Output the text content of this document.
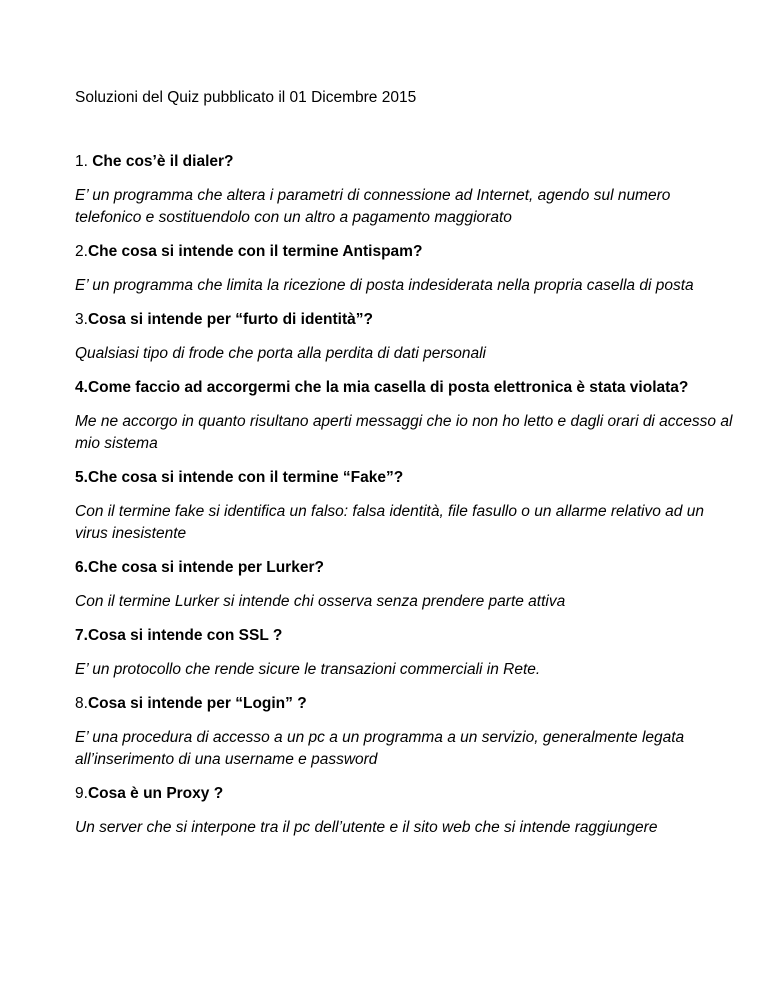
Soluzioni del Quiz pubblicato il 01 Dicembre 2015

1. Che cos’è il dialer?

E’ un programma che altera i parametri di connessione ad Internet, agendo sul numero telefonico e sostituendolo con un altro a pagamento maggiorato

2.Che cosa si intende con il termine Antispam?

E’ un programma che limita la ricezione di posta indesiderata nella propria casella di posta

3.Cosa si intende per “furto di identità”?

Qualsiasi tipo di frode che porta alla perdita di dati personali

4.Come faccio ad accorgermi che la mia casella di posta elettronica è stata violata?

Me ne accorgo in quanto risultano aperti messaggi che io non ho letto e dagli orari di accesso al mio sistema

5.Che cosa si intende con il termine “Fake”?

Con il termine fake si identifica un falso: falsa identità, file fasullo o un allarme relativo ad un virus inesistente

6.Che cosa si intende per Lurker?

Con il termine Lurker si intende chi osserva senza prendere parte attiva

7.Cosa si intende con SSL ?

E’ un protocollo che rende sicure le transazioni commerciali in Rete.

8.Cosa si intende per “Login” ?

E’ una procedura di accesso a un pc a un programma a un servizio, generalmente legata all’inserimento di una username e password

9.Cosa è un Proxy ?

Un server che si interpone tra il pc dell’utente e il sito web che si intende raggiungere
